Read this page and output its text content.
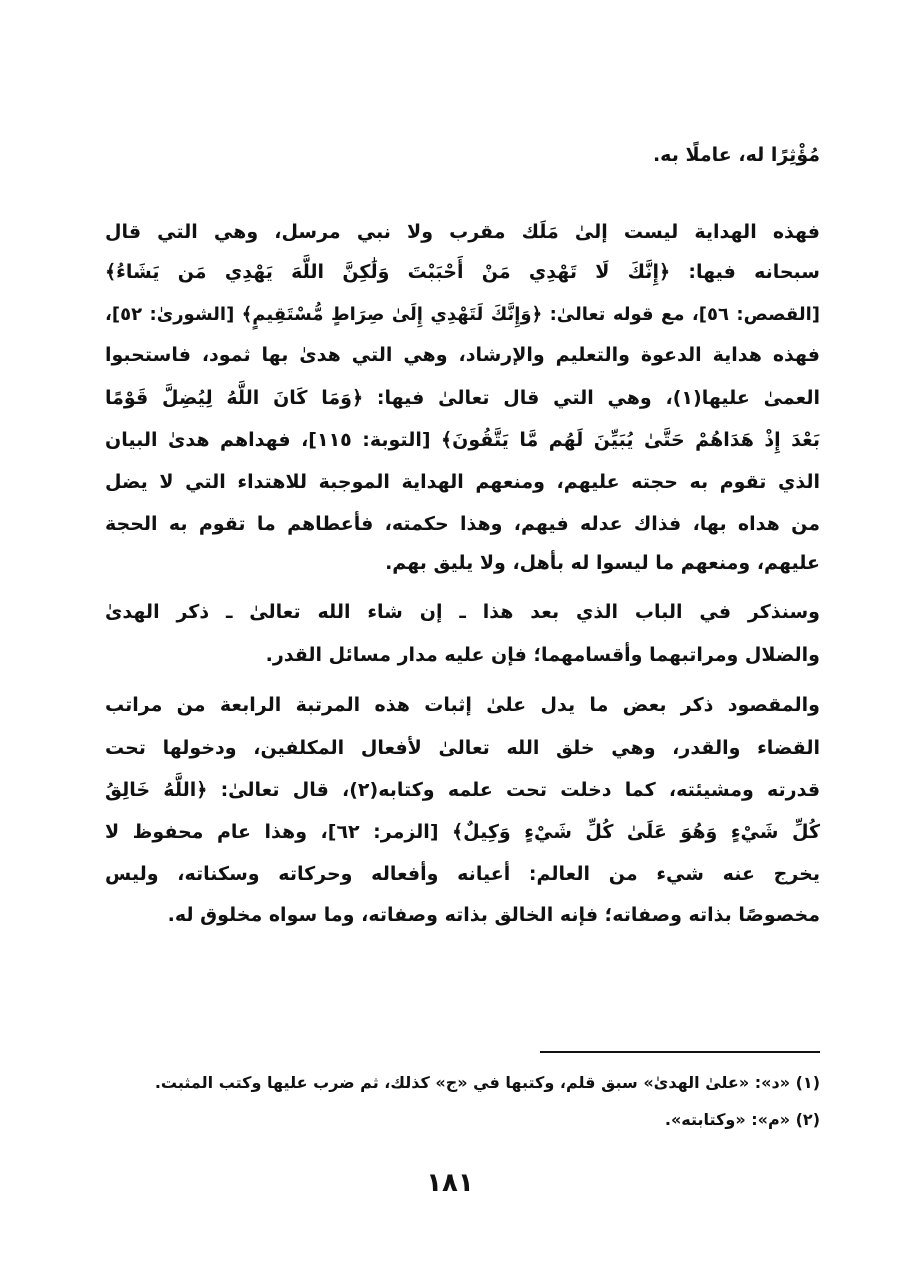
مُؤْثِرًا له، عاملًا به.
فهذه الهداية ليست إلىٰ مَلَك مقرب ولا نبي مرسل، وهي التي قال
سبحانه فيها: ﴿إِنَّكَ لَا تَهْدِي مَنْ أَحْبَبْتَ وَلَٰكِنَّ اللَّهَ يَهْدِي مَن يَشَاءُ﴾
[القصص: ٥٦]، مع قوله تعالىٰ: ﴿وَإِنَّكَ لَتَهْدِي إِلَىٰ صِرَاطٍ مُّسْتَقِيمٍ﴾ [الشورىٰ: ٥٢]،
فهذه هداية الدعوة والتعليم والإرشاد، وهي التي هدىٰ بها ثمود، فاستحبوا
العمىٰ عليها(١)، وهي التي قال تعالىٰ فيها: ﴿وَمَا كَانَ اللَّهُ لِيُضِلَّ قَوْمًا
بَعْدَ إِذْ هَدَاهُمْ حَتَّىٰ يُبَيِّنَ لَهُم مَّا يَتَّقُونَ﴾ [التوبة: ١١٥]، فهداهم هدىٰ البيان
الذي تقوم به حجته عليهم، ومنعهم الهداية الموجبة للاهتداء التي لا يضل
من هداه بها، فذاك عدله فيهم، وهذا حكمته، فأعطاهم ما تقوم به الحجة
عليهم، ومنعهم ما ليسوا له بأهل، ولا يليق بهم.
وسنذكر في الباب الذي بعد هذا ـ إن شاء الله تعالىٰ ـ ذكر الهدىٰ
والضلال ومراتبهما وأقسامهما؛ فإن عليه مدار مسائل القدر.
والمقصود ذكر بعض ما يدل علىٰ إثبات هذه المرتبة الرابعة من مراتب
القضاء والقدر، وهي خلق الله تعالىٰ لأفعال المكلفين، ودخولها تحت
قدرته ومشيئته، كما دخلت تحت علمه وكتابه(٢)، قال تعالىٰ: ﴿اللَّهُ خَالِقُ
كُلِّ شَيْءٍ وَهُوَ عَلَىٰ كُلِّ شَيْءٍ وَكِيلٌ﴾ [الزمر: ٦٢]، وهذا عام محفوظ لا
يخرج عنه شيء من العالم: أعيانه وأفعاله وحركاته وسكناته، وليس
مخصوصًا بذاته وصفاته؛ فإنه الخالق بذاته وصفاته، وما سواه مخلوق له.
(١) «د»: «علىٰ الهدىٰ» سبق قلم، وكتبها في «ج» كذلك، ثم ضرب عليها وكتب المثبت.
(٢) «م»: «وكتابته».
١٨١
